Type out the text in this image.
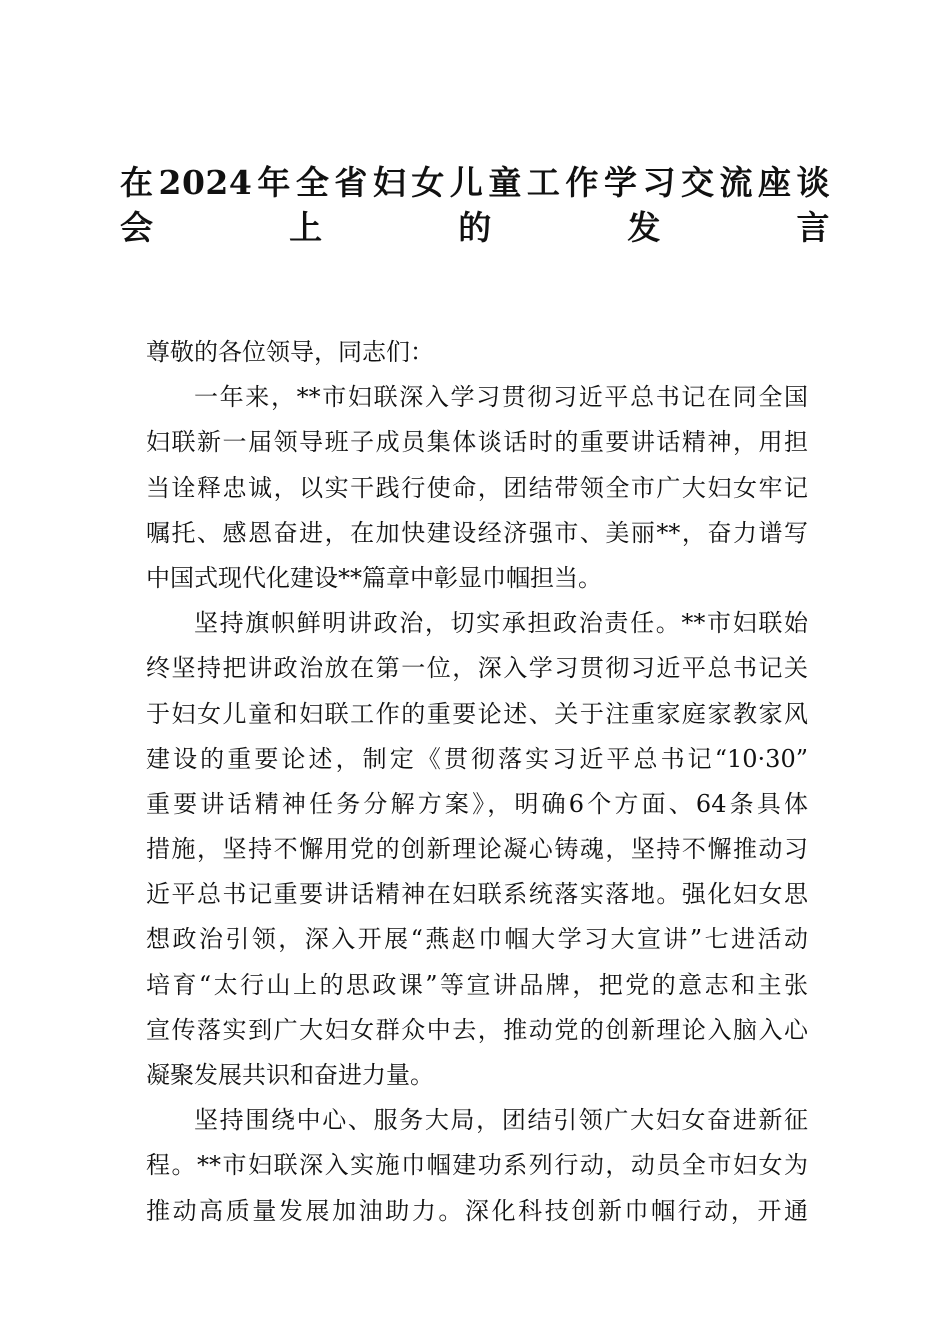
在2024年全省妇女儿童工作学习交流座谈
会上的发言
尊敬的各位领导，同志们：
一年来，**市妇联深入学习贯彻习近平总书记在同全国
妇联新一届领导班子成员集体谈话时的重要讲话精神，用担
当诠释忠诚，以实干践行使命，团结带领全市广大妇女牢记
嘱托、感恩奋进，在加快建设经济强市、美丽**，奋力谱写
中国式现代化建设**篇章中彰显巾帼担当。
坚持旗帜鲜明讲政治，切实承担政治责任。**市妇联始
终坚持把讲政治放在第一位，深入学习贯彻习近平总书记关
于妇女儿童和妇联工作的重要论述、关于注重家庭家教家风
建设的重要论述，制定《贯彻落实习近平总书记“10·30”
重要讲话精神任务分解方案》，明确6个方面、64条具体
措施，坚持不懈用党的创新理论凝心铸魂，坚持不懈推动习
近平总书记重要讲话精神在妇联系统落实落地。强化妇女思
想政治引领，深入开展“燕赵巾帼大学习大宣讲”七进活动
培育“太行山上的思政课”等宣讲品牌，把党的意志和主张
宣传落实到广大妇女群众中去，推动党的创新理论入脑入心
凝聚发展共识和奋进力量。
坚持围绕中心、服务大局，团结引领广大妇女奋进新征
程。**市妇联深入实施巾帼建功系列行动，动员全市妇女为
推动高质量发展加油助力。深化科技创新巾帼行动，开通
